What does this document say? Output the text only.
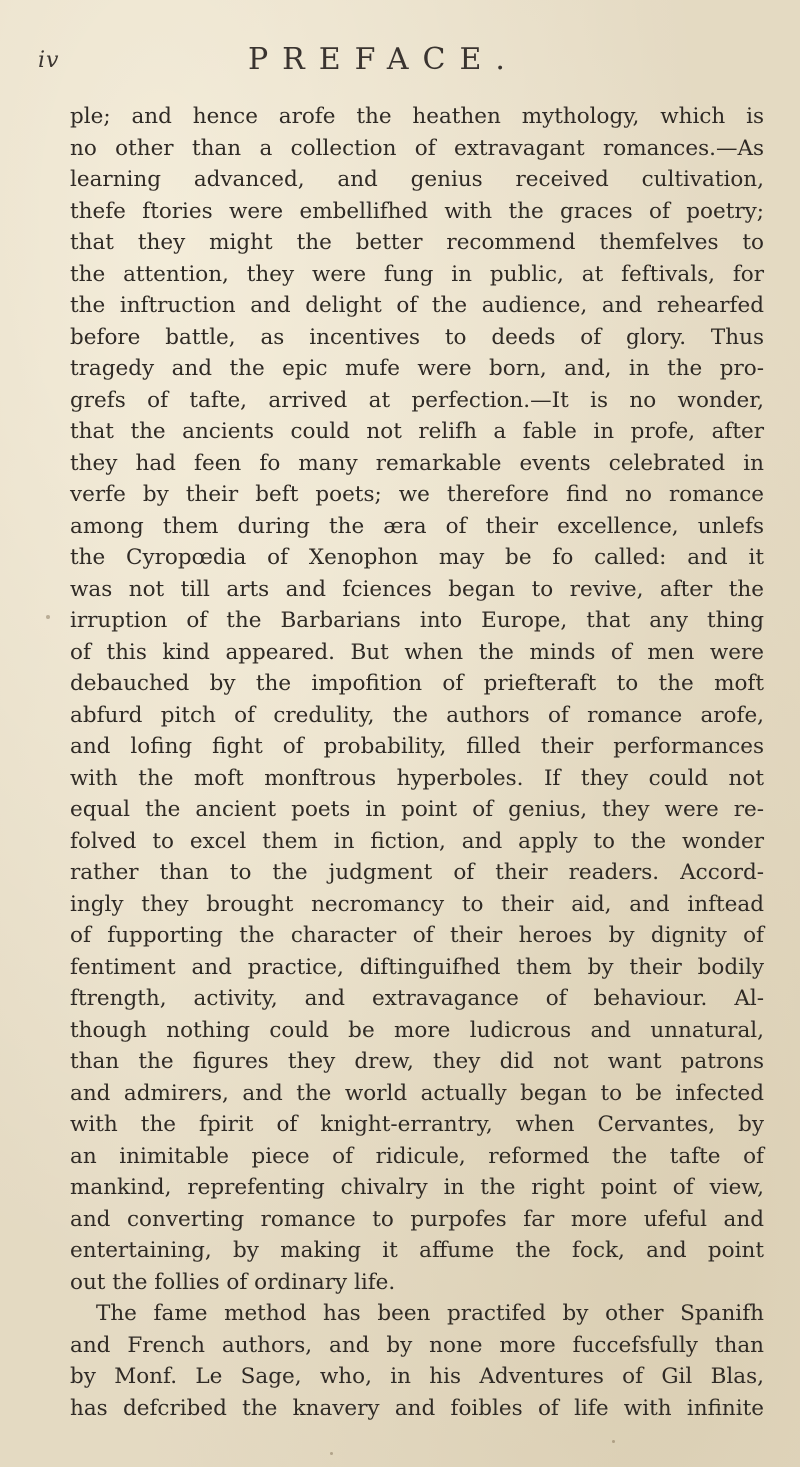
iv	PREFACE.
ple; and hence arofe the heathen mythology, which is
no other than a collection of extravagant romances.—As
learning advanced, and genius received cultivation,
thefe ftories were embellifhed with the graces of poetry;
that they might the better recommend themfelves to
the attention, they were fung in public, at feftivals, for
the inftruction and delight of the audience, and rehearfed
before battle, as incentives to deeds of glory. Thus
tragedy and the epic mufe were born, and, in the pro-
grefs of tafte, arrived at perfection.—It is no wonder,
that the ancients could not relifh a fable in profe, after
they had feen fo many remarkable events celebrated in
verfe by their beft poets; we therefore find no romance
among them during the æra of their excellence, unlefs
the Cyropœdia of Xenophon may be fo called: and it
was not till arts and fciences began to revive, after the
irruption of the Barbarians into Europe, that any thing
of this kind appeared. But when the minds of men were
debauched by the impofition of priefteraft to the moft
abfurd pitch of credulity, the authors of romance arofe,
and lofing fight of probability, filled their performances
with the moft monftrous hyperboles. If they could not
equal the ancient poets in point of genius, they were re-
folved to excel them in fiction, and apply to the wonder
rather than to the judgment of their readers. Accord-
ingly they brought necromancy to their aid, and inftead
of fupporting the character of their heroes by dignity of
fentiment and practice, diftinguifhed them by their bodily
ftrength, activity, and extravagance of behaviour. Al-
though nothing could be more ludicrous and unnatural,
than the figures they drew, they did not want patrons
and admirers, and the world actually began to be infected
with the fpirit of knight-errantry, when Cervantes, by
an inimitable piece of ridicule, reformed the tafte of
mankind, reprefenting chivalry in the right point of view,
and converting romance to purpofes far more ufeful and
entertaining, by making it affume the fock, and point
out the follies of ordinary life.
The fame method has been practifed by other Spanifh
and French authors, and by none more fuccefsfully than
by Monf. Le Sage, who, in his Adventures of Gil Blas,
has defcribed the knavery and foibles of life with infinite
